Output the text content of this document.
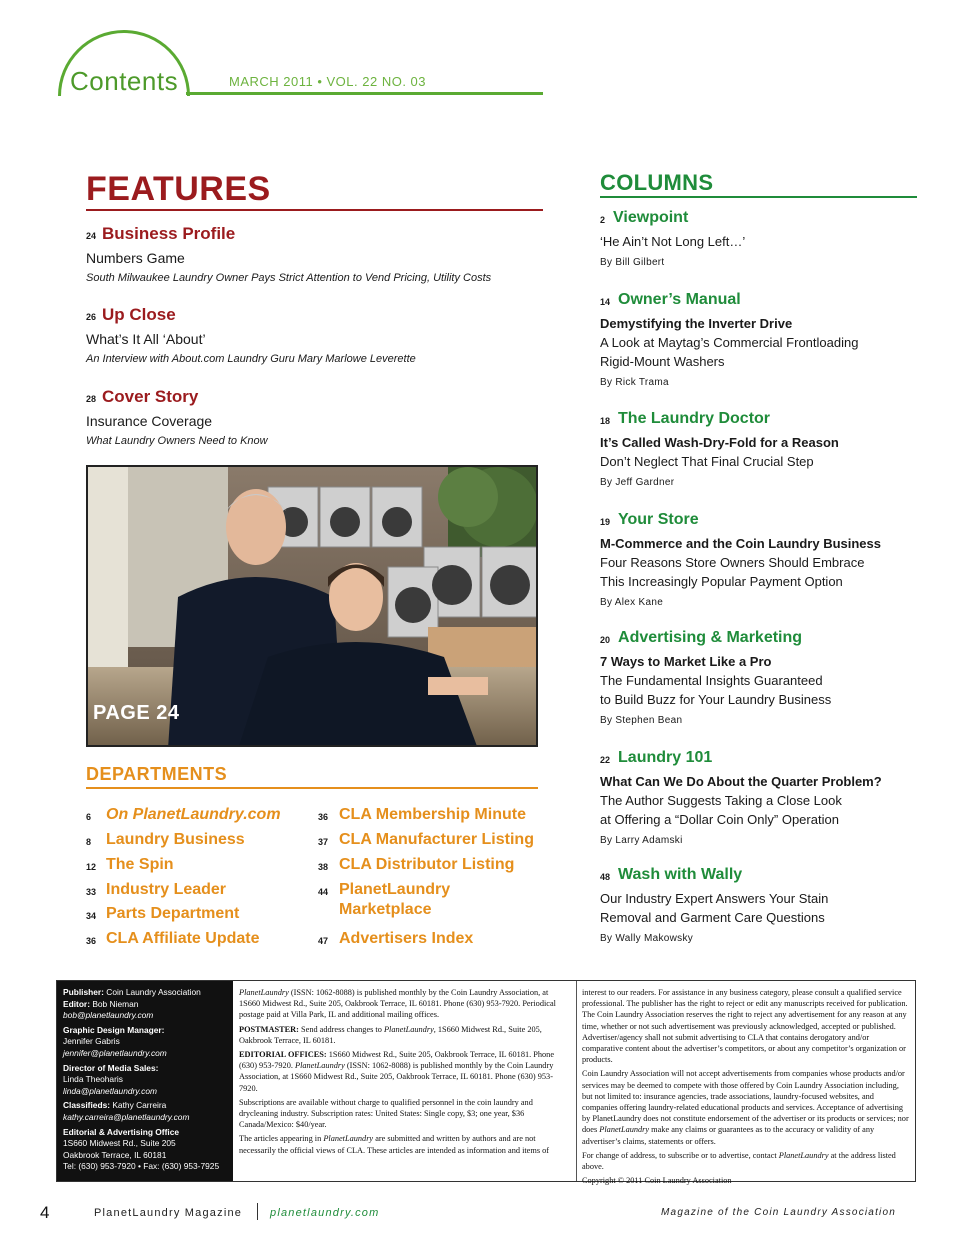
Contents	MARCH 2011 • VOL. 22 NO. 03
FEATURES
$^{24}$ Business Profile
Numbers Game
South Milwaukee Laundry Owner Pays Strict Attention to Vend Pricing, Utility Costs
$^{26}$ Up Close
What’s It All ‘About’
An Interview with About.com Laundry Guru Mary Marlowe Leverette
$^{28}$ Cover Story
Insurance Coverage
What Laundry Owners Need to Know
PAGE 24
DEPARTMENTS
6 On PlanetLaundry.com
8 Laundry Business
12 The Spin
33 Industry Leader
34 Parts Department
36 CLA Affiliate Update
36 CLA Membership Minute
37 CLA Manufacturer Listing
38 CLA Distributor Listing
44 PlanetLaundry
Marketplace
47 Advertisers Index
COLUMNS
$^2$ Viewpoint
‘He Ain’t Not Long Left…’
By Bill Gilbert
$^{14}$ Owner’s Manual
Demystifying the Inverter Drive
A Look at Maytag’s Commercial Frontloading
Rigid-Mount Washers
By Rick Trama
$^{18}$ The Laundry Doctor
It’s Called Wash-Dry-Fold for a Reason
Don’t Neglect That Final Crucial Step
By Jeff Gardner
$^{19}$ Your Store
M-Commerce and the Coin Laundry Business
Four Reasons Store Owners Should Embrace
This Increasingly Popular Payment Option
By Alex Kane
$^{20}$ Advertising & Marketing
7 Ways to Market Like a Pro
The Fundamental Insights Guaranteed
to Build Buzz for Your Laundry Business
By Stephen Bean
$^{22}$ Laundry 101
What Can We Do About the Quarter Problem?
The Author Suggests Taking a Close Look
at Offering a “Dollar Coin Only” Operation
By Larry Adamski
$^{48}$ Wash with Wally
Our Industry Expert Answers Your Stain
Removal and Garment Care Questions
By Wally Makowsky
Publisher: Coin Laundry Association
Editor: Bob Nieman
bob@planetlaundry.com
Graphic Design Manager:
Jennifer Gabris
jennifer@planetlaundry.com
Director of Media Sales:
Linda Theoharis
linda@planetlaundry.com
Classifieds: Kathy Carreira
kathy.carreira@planetlaundry.com
Editorial & Advertising Office
1S660 Midwest Rd., Suite 205
Oakbrook Terrace, IL 60181
Tel: (630) 953-7920 • Fax: (630) 953-7925

PlanetLaundry (ISSN: 1062-8088) is published monthly by the Coin Laundry Association, at 1S660 Midwest Rd., Suite 205, Oakbrook Terrace, IL 60181. Phone (630) 953-7920. Periodical postage paid at Villa Park, IL and additional mailing offices.

POSTMASTER: Send address changes to PlanetLaundry, 1S660 Midwest Rd., Suite 205, Oakbrook Terrace, IL 60181.

EDITORIAL OFFICES: 1S660 Midwest Rd., Suite 205, Oakbrook Terrace, IL 60181. Phone (630) 953-7920. PlanetLaundry (ISSN: 1062-8088) is published monthly by the Coin Laundry Association, at 1S660 Midwest Rd., Suite 205, Oakbrook Terrace, IL 60181. Phone (630) 953-7920.

Subscriptions are available without charge to qualified personnel in the coin laundry and drycleaning industry. Subscription rates: United States: Single copy, $3; one year, $36 Canada/Mexico: $40/year.

The articles appearing in PlanetLaundry are submitted and written by authors and are not necessarily the official views of CLA. These articles are intended as information and items of

interest to our readers. For assistance in any business category, please consult a qualified service professional. The publisher has the right to reject or edit any manuscripts received for publication. The Coin Laundry Association reserves the right to reject any advertisement for any reason at any time, whether or not such advertisement was previously acknowledged, accepted or published. Advertiser/agency shall not submit advertising to CLA that contains derogatory and/or comparative content about the advertiser’s competitors, or about any competitor’s organization or products.

Coin Laundry Association will not accept advertisements from companies whose products and/or services may be deemed to compete with those offered by Coin Laundry Association including, but not limited to: insurance agencies, trade associations, laundry-focused websites, and companies offering laundry-related educational products and services. Acceptance of advertising by PlanetLaundry does not constitute endorsement of the advertiser or its products or services; nor does PlanetLaundry make any claims or guarantees as to the accuracy or validity of any advertiser’s claims, statements or offers.

For change of address, to subscribe or to advertise, contact PlanetLaundry at the address listed above.

Copyright © 2011 Coin Laundry Association

4	PlanetLaundry Magazine	planetlaundry.com	Magazine of the Coin Laundry Association
